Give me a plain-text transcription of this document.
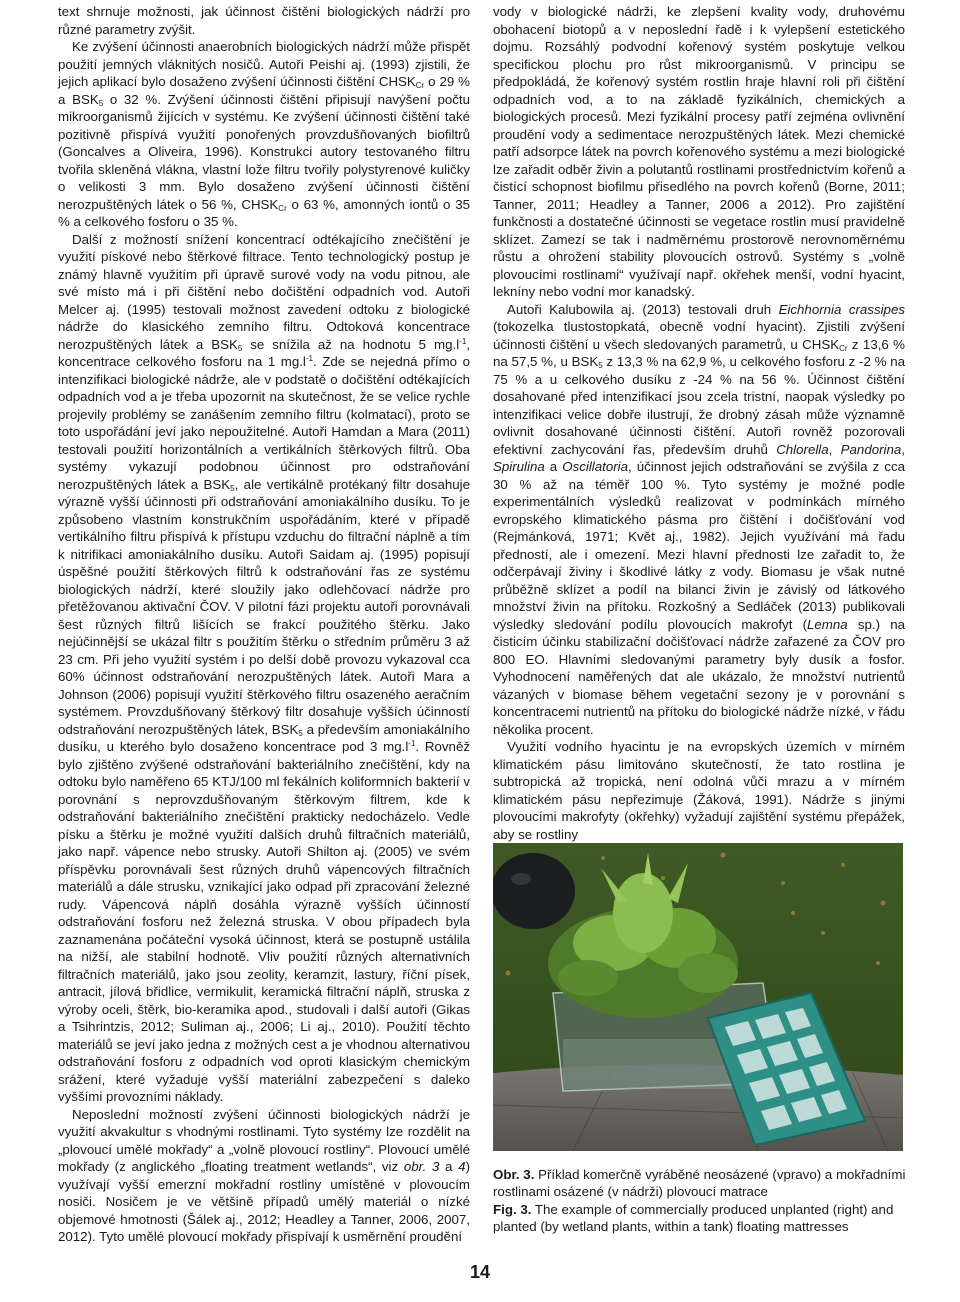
text shrnuje možnosti, jak účinnost čištění biologických nádrží pro různé parametry zvýšit.

Ke zvýšení účinnosti anaerobních biologických nádrží může přispět použití jemných vláknitých nosičů. Autoři Peishi aj. (1993) zjistili, že jejich aplikací bylo dosaženo zvýšení účinnosti čištění $CHSK_{Cr}$ o 29 % a $BSK_5$ o 32 %. Zvýšení účinnosti čištění připisují navýšení počtu mikroorganismů žijících v systému. Ke zvýšení účinnosti čištění také pozitivně přispívá využití ponořených provzdušňovaných biofiltrů (Goncalves a Oliveira, 1996). Konstrukci autory testovaného filtru tvořila skleněná vlákna, vlastní lože filtru tvořily polystyrenové kuličky o velikosti 3 mm. Bylo dosaženo zvýšení účinnosti čištění nerozpuštěných látek o 56 %, $CHSK_{Cr}$ o 63 %, amonných iontů o 35 % a celkového fosforu o 35 %.

Další z možností snížení koncentrací odtékajícího znečištění je využití pískové nebo štěrkové filtrace. Tento technologický postup je známý hlavně využitím při úpravě surové vody na vodu pitnou, ale své místo má i při čištění nebo dočištění odpadních vod. Autoři Melcer aj. (1995) testovali možnost zavedení odtoku z biologické nádrže do klasického zemního filtru. Odtoková koncentrace nerozpuštěných látek a $BSK_5$ se snížila až na hodnotu 5 $mg.l^{-1}$, koncentrace celkového fosforu na 1 $mg.l^{-1}$. Zde se nejedná přímo o intenzifikaci biologické nádrže, ale v podstatě o dočištění odtékajících odpadních vod a je třeba upozornit na skutečnost, že se velice rychle projevily problémy se zanášením zemního filtru (kolmatací), proto se toto uspořádání jeví jako nepoužitelné. Autoři Hamdan a Mara (2011) testovali použití horizontálních a vertikálních štěrkových filtrů. Oba systémy vykazují podobnou účinnost pro odstraňování nerozpuštěných látek a $BSK_5$, ale vertikálně protékaný filtr dosahuje výrazně vyšší účinnosti při odstraňování amoniakálního dusíku. To je způsobeno vlastním konstrukčním uspořádáním, které v případě vertikálního filtru přispívá k přístupu vzduchu do filtrační náplně a tím k nitrifikaci amoniakálního dusíku. Autoři Saidam aj. (1995) popisují úspěšné použití štěrkových filtrů k odstraňování řas ze systému biologických nádrží, které sloužily jako odlehčovací nádrže pro přetěžovanou aktivační ČOV. V pilotní fázi projektu autoři porovnávali šest různých filtrů lišících se frakcí použitého štěrku. Jako nejúčinnější se ukázal filtr s použitím štěrku o středním průměru 3 až 23 cm. Při jeho využití systém i po delší době provozu vykazoval cca 60% účinnost odstraňování nerozpuštěných látek. Autoři Mara a Johnson (2006) popisují využití štěrkového filtru osazeného aeračním systémem. Provzdušňovaný štěrkový filtr dosahuje vyšších účinností odstraňování nerozpuštěných látek, $BSK_5$ a především amoniakálního dusíku, u kterého bylo dosaženo koncentrace pod 3 $mg.l^{-1}$. Rovněž bylo zjištěno zvýšené odstraňování bakteriálního znečištění, kdy na odtoku bylo naměřeno 65 KTJ/100 ml fekálních koliformních bakterií v porovnání s neprovzdušňovaným štěrkovým filtrem, kde k odstraňování bakteriálního znečištění prakticky nedocházelo. Vedle písku a štěrku je možné využití dalších druhů filtračních materiálů, jako např. vápence nebo strusky. Autoři Shilton aj. (2005) ve svém příspěvku porovnávali šest různých druhů vápencových filtračních materiálů a dále strusku, vznikající jako odpad při zpracování železné rudy. Vápencová náplň dosáhla výrazně vyšších účinností odstraňování fosforu než železná struska. V obou případech byla zaznamenána počáteční vysoká účinnost, která se postupně ustálila na nižší, ale stabilní hodnotě. Vliv použití různých alternativních filtračních materiálů, jako jsou zeolity, keramzit, lastury, říční písek, antracit, jílová břidlice, vermikulit, keramická filtrační náplň, struska z výroby oceli, štěrk, bio-keramika apod., studovali i další autoři (Gikas a Tsihrintzis, 2012; Suliman aj., 2006; Li aj., 2010). Použití těchto materiálů se jeví jako jedna z možných cest a je vhodnou alternativou odstraňování fosforu z odpadních vod oproti klasickým chemickým srážení, které vyžaduje vyšší materiální zabezpečení s daleko vyššími provozními náklady.

Neposlední možností zvýšení účinnosti biologických nádrží je využití akvakultur s vhodnými rostlinami. Tyto systémy lze rozdělit na „plovoucí umělé mokřady“ a „volně plovoucí rostliny“. Plovoucí umělé mokřady (z anglického „floating treatment wetlands“, viz obr. 3 a 4) využívají vyšší emerzní mokřadní rostliny umístěné v plovoucím nosiči. Nosičem je ve většině případů umělý materiál o nízké objemové hmotnosti (Šálek aj., 2012; Headley a Tanner, 2006, 2007, 2012). Tyto umělé plovoucí mokřady přispívají k usměrnění proudění

vody v biologické nádrži, ke zlepšení kvality vody, druhovému obohacení biotopů a v neposlední řadě i k vylepšení estetického dojmu. Rozsáhlý podvodní kořenový systém poskytuje velkou specifickou plochu pro růst mikroorganismů. V principu se předpokládá, že kořenový systém rostlin hraje hlavní roli při čištění odpadních vod, a to na základě fyzikálních, chemických a biologických procesů. Mezi fyzikální procesy patří zejména ovlivnění proudění vody a sedimentace nerozpuštěných látek. Mezi chemické patří adsorpce látek na povrch kořenového systému a mezi biologické lze zařadit odběr živin a polutantů rostlinami prostřednictvím kořenů a čistící schopnost biofilmu přisedlého na povrch kořenů (Borne, 2011; Tanner, 2011; Headley a Tanner, 2006 a 2012). Pro zajištění funkčnosti a dostatečné účinnosti se vegetace rostlin musí pravidelně sklízet. Zamezí se tak i nadměrnému prostorově nerovnoměrnému růstu a ohrožení stability plovoucích ostrovů. Systémy s „volně plovoucími rostlinami“ využívají např. okřehek menší, vodní hyacint, lekníny nebo vodní mor kanadský.

Autoři Kalubowila aj. (2013) testovali druh Eichhornia crassipes (tokozelka tlustostopkatá, obecně vodní hyacint). Zjistili zvýšení účinnosti čištění u všech sledovaných parametrů, u $CHSK_{Cr}$ z 13,6 % na 57,5 %, u $BSK_5$ z 13,3 % na 62,9 %, u celkového fosforu z -2 % na 75 % a u celkového dusíku z -24 % na 56 %. Účinnost čištění dosahované před intenzifikací jsou zcela tristní, naopak výsledky po intenzifikaci velice dobře ilustrují, že drobný zásah může významně ovlivnit dosahované účinnosti čištění. Autoři rovněž pozorovali efektivní zachycování řas, především druhů Chlorella, Pandorina, Spirulina a Oscillatoria, účinnost jejich odstraňování se zvýšila z cca 30 % až na téměř 100 %. Tyto systémy je možné podle experimentálních výsledků realizovat v podmínkách mírného evropského klimatického pásma pro čištění i dočišťování vod (Rejmánková, 1971; Květ aj., 1982). Jejich využívání má řadu předností, ale i omezení. Mezi hlavní přednosti lze zařadit to, že odčerpávají živiny i škodlivé látky z vody. Biomasu je však nutné průběžně sklízet a podíl na bilanci živin je závislý od látkového množství živin na přítoku. Rozkošný a Sedláček (2013) publikovali výsledky sledování podílu plovoucích makrofyt (Lemna sp.) na čisticím účinku stabilizační dočišťovací nádrže zařazené za ČOV pro 800 EO. Hlavními sledovanými parametry byly dusík a fosfor. Vyhodnocení naměřených dat ale ukázalo, že množství nutrientů vázaných v biomase během vegetační sezony je v porovnání s koncentracemi nutrientů na přítoku do biologické nádrže nízké, v řádu několika procent.

Využití vodního hyacintu je na evropských územích v mírném klimatickém pásu limitováno skutečností, že tato rostlina je subtropická až tropická, není odolná vůči mrazu a v mírném klimatickém pásu nepřezimuje (Žáková, 1991). Nádrže s jinými plovoucími makrofyty (okřehky) vyžadují zajištění systému přepážek, aby se rostliny

Obr. 3. Příklad komerčně vyráběné neosázené (vpravo) a mokřadními rostlinami osázené (v nádrži) plovoucí matrace

Fig. 3. The example of commercially produced unplanted (right) and planted (by wetland plants, within a tank) floating mattresses

14
